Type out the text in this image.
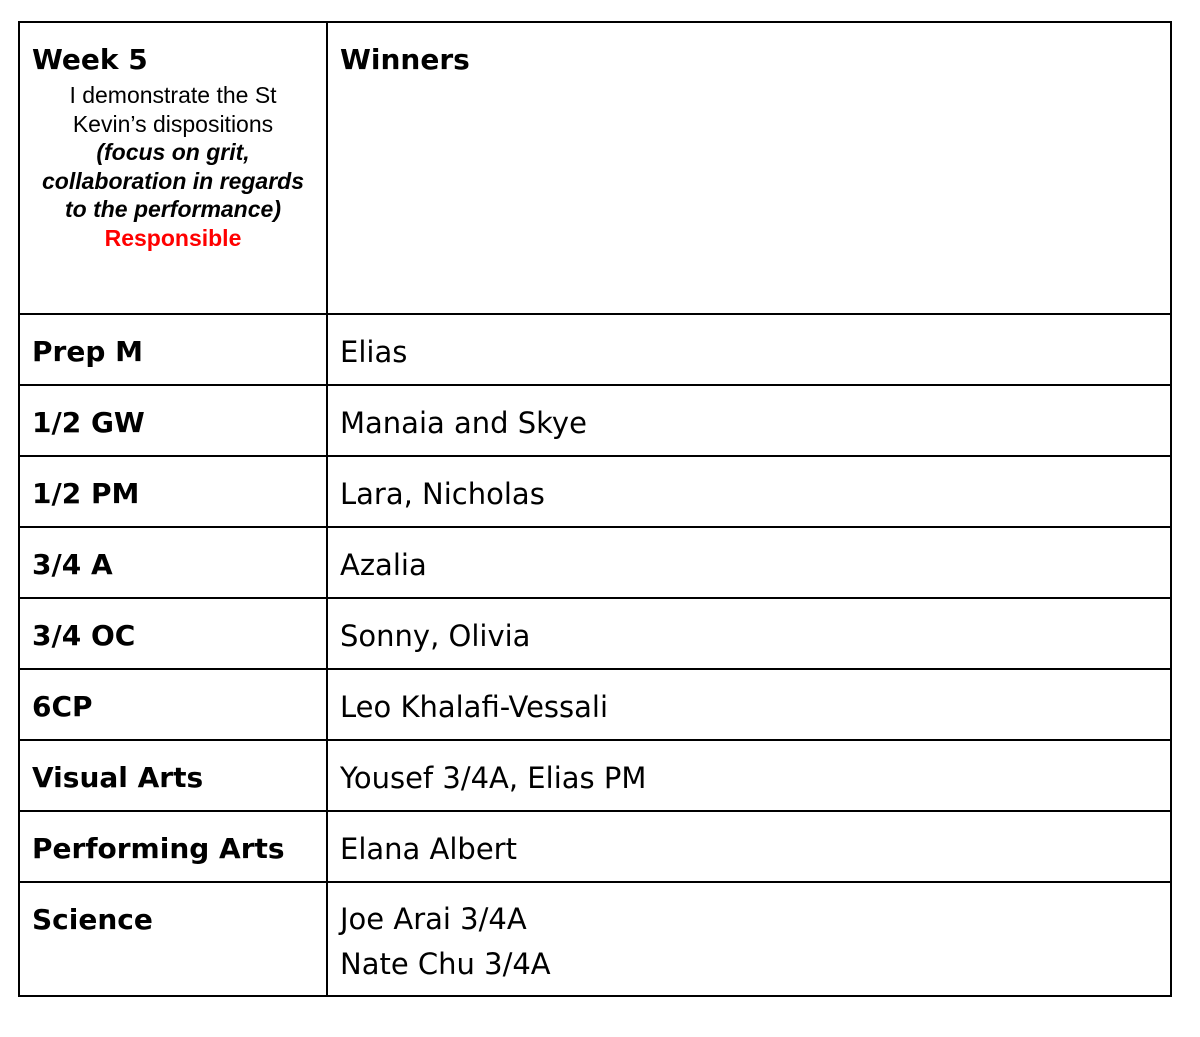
Week 5
I demonstrate the St Kevin’s dispositions
(focus on grit, collaboration in regards to the performance)
Responsible	Winners

Prep M	Elias

1/2 GW	Manaia and Skye

1/2 PM	Lara, Nicholas

3/4 A	Azalia

3/4 OC	Sonny, Olivia

6CP	Leo Khalafi-Vessali

Visual Arts	Yousef 3/4A, Elias PM

Performing Arts	Elana Albert

Science	Joe Arai 3/4A
Nate Chu 3/4A
